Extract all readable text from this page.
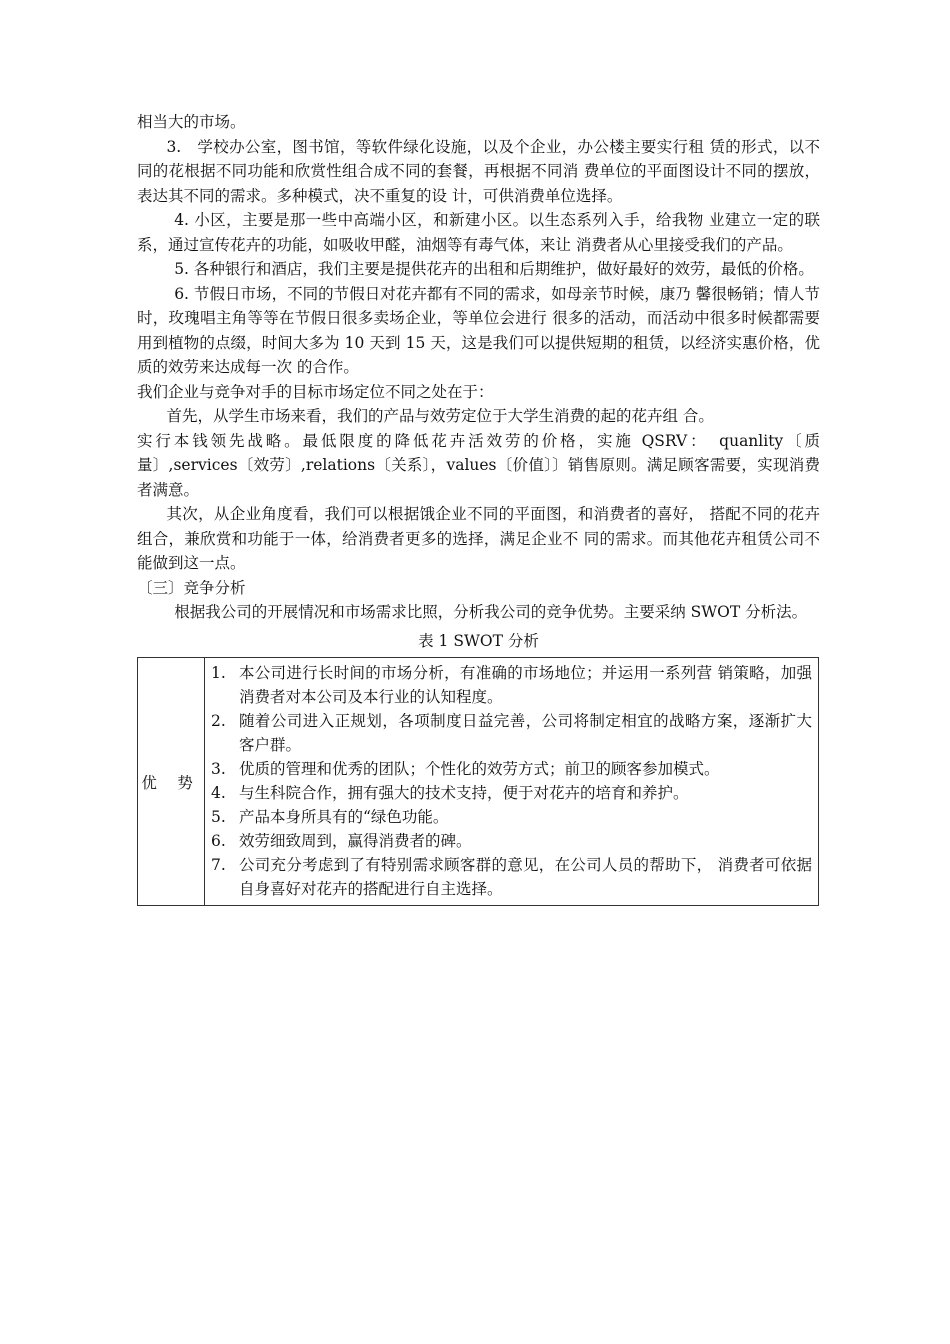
相当大的市场。

3.　学校办公室，图书馆，等软件绿化设施，以及个企业，办公楼主要实行租 赁的形式，以不同的花根据不同功能和欣赏性组合成不同的套餐，再根据不同消 费单位的平面图设计不同的摆放，表达其不同的需求。多种模式，决不重复的设 计，可供消费单位选择。

4. 小区，主要是那一些中高端小区，和新建小区。以生态系列入手，给我物 业建立一定的联系，通过宣传花卉的功能，如吸收甲醛，油烟等有毒气体，来让 消费者从心里接受我们的产品。

5. 各种银行和酒店，我们主要是提供花卉的出租和后期维护，做好最好的效劳，最低的价格。

6. 节假日市场，不同的节假日对花卉都有不同的需求，如母亲节时候，康乃 馨很畅销；情人节时，玫瑰唱主角等等在节假日很多卖场企业，等单位会进行 很多的活动，而活动中很多时候都需要用到植物的点缀，时间大多为 10 天到 15 天，这是我们可以提供短期的租赁，以经济实惠价格，优质的效劳来达成每一次 的合作。

我们企业与竞争对手的目标市场定位不同之处在于：

首先，从学生市场来看，我们的产品与效劳定位于大学生消费的起的花卉组 合。

实行本钱领先战略。最低限度的降低花卉活效劳的价格，实施 QSRV：　quanlity〔质量〕,services〔效劳〕,relations〔关系〕，values〔价值〕〕销售原则。满足顾客需要，实现消费者满意。

其次，从企业角度看，我们可以根据饿企业不同的平面图，和消费者的喜好， 搭配不同的花卉组合，兼欣赏和功能于一体，给消费者更多的选择，满足企业不 同的需求。而其他花卉租赁公司不能做到这一点。

〔三〕竞争分析

根据我公司的开展情况和市场需求比照，分析我公司的竞争优势。主要采纳 SWOT 分析法。

表 1 SWOT 分析
优 势	
1. 本公司进行长时间的市场分析，有准确的市场地位；并运用一系列营 销策略，加强消费者对本公司及本行业的认知程度。
2. 随着公司进入正规划，各项制度日益完善，公司将制定相宜的战略方案，逐渐扩大客户群。
3. 优质的管理和优秀的团队；个性化的效劳方式；前卫的顾客参加模式。
4. 与生科院合作，拥有强大的技术支持，便于对花卉的培育和养护。
5. 产品本身所具有的“绿色功能。
6. 效劳细致周到，赢得消费者的碑。
7. 公司充分考虑到了有特别需求顾客群的意见，在公司人员的帮助下， 消费者可依据自身喜好对花卉的搭配进行自主选择。
